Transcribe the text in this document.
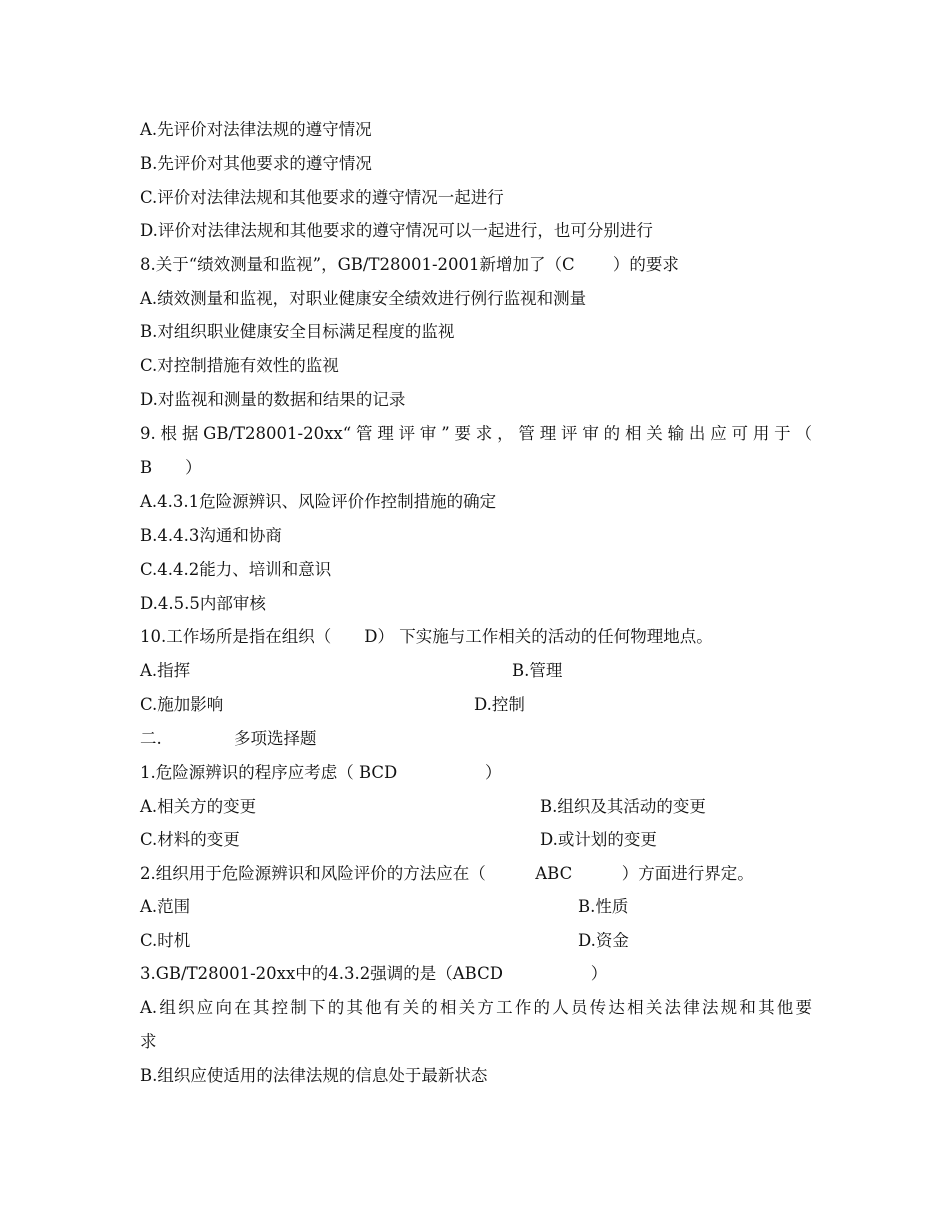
A.先评价对法律法规的遵守情况
B.先评价对其他要求的遵守情况
C.评价对法律法规和其他要求的遵守情况一起进行
D.评价对法律法规和其他要求的遵守情况可以一起进行，也可分别进行
8.关于“绩效测量和监视”，GB/T28001-2001新增加了（C　　 ）的要求
A.绩效测量和监视，对职业健康安全绩效进行例行监视和测量
B.对组织职业健康安全目标满足程度的监视
C.对控制措施有效性的监视
D.对监视和测量的数据和结果的记录
9.根据GB/T28001-20xx“管理评审”要求，管理评审的相关输出应可用于（
B　　）
A.4.3.1危险源辨识、风险评价作控制措施的确定
B.4.4.3沟通和协商
C.4.4.2能力、培训和意识
D.4.5.5内部审核
10.工作场所是指在组织（　　D） 下实施与工作相关的活动的任何物理地点。
A.指挥	B.管理
C.施加影响	D.控制
二.	多项选择题
1.危险源辨识的程序应考虑（ BCD　　　　　 ）
A.相关方的变更	B.组织及其活动的变更
C.材料的变更	D.或计划的变更
2.组织用于危险源辨识和风险评价的方法应在（　　　ABC　　　）方面进行界定。
A.范围	B.性质
C.时机	D.资金
3.GB/T28001-20xx中的4.3.2强调的是（ABCD　　　　　 ）
A.组织应向在其控制下的其他有关的相关方工作的人员传达相关法律法规和其他要
求
B.组织应使适用的法律法规的信息处于最新状态
